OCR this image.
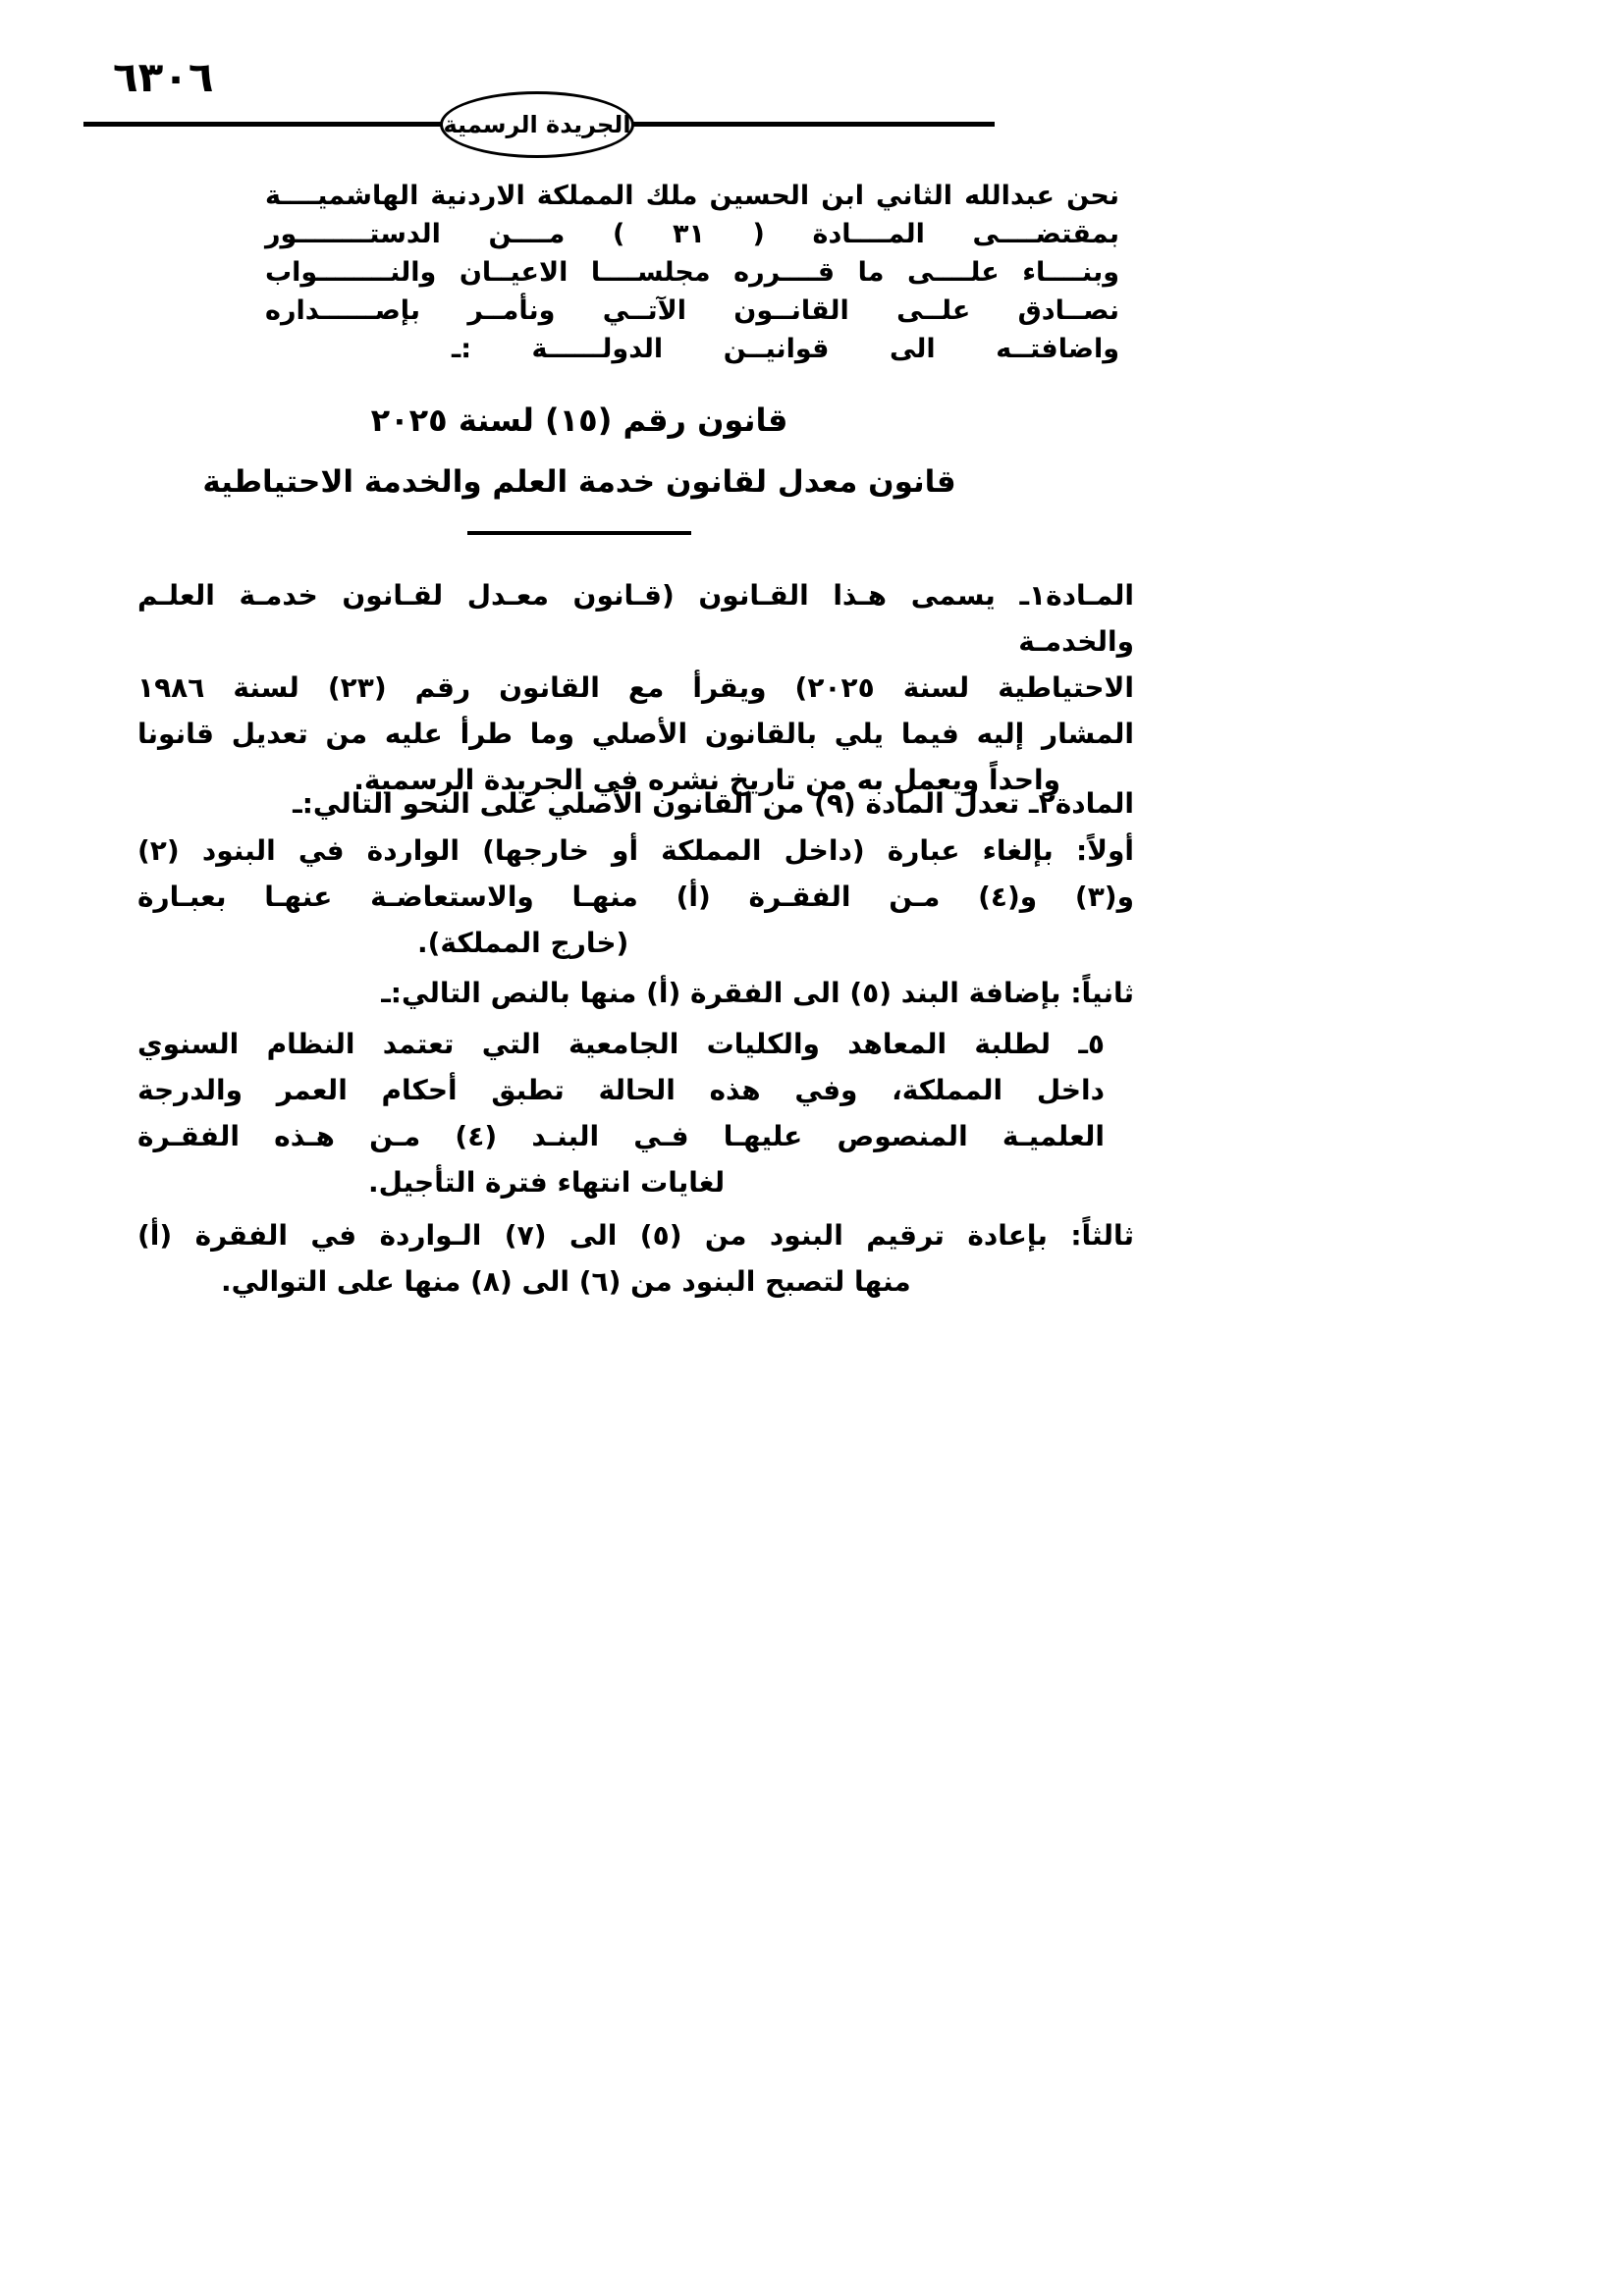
٦٣٠٦
الجريدة الرسمية
نحن عبدالله الثاني ابن الحسين ملك المملكة الاردنية الهاشميــــة
بمقتضــــى المــــادة ( ٣١ ) مــــن الدستــــــــور
وبنــــاء علــــى ما قــــرره مجلســــا الاعيــان والنــــــــواب
نصــادق علــى القانــون الآتــي ونأمــر بإصــــــداره
واضافتــه الى قوانيــن الدولــــــة :ـ
قانون رقم (١٥) لسنة ٢٠٢٥
قانون معدل لقانون خدمة العلم والخدمة الاحتياطية
المـادة١ـ يسمى هـذا القـانون (قـانون معـدل لقـانون خدمـة العلـم والخدمـة
الاحتياطية لسنة ٢٠٢٥) ويقرأ مع القانون رقم (٢٣) لسنة ١٩٨٦
المشار إليه فيما يلي بالقانون الأصلي وما طرأ عليه من تعديل قانونا
واحداً ويعمل به من تاريخ نشره في الجريدة الرسمية.
المادة٢ـ تعدل المادة (٩) من القانون الأصلي على النحو التالي:ـ
أولاً: بإلغاء عبارة (داخل المملكة أو خارجها) الواردة في البنود (٢)
و(٣) و(٤) مـن الفقـرة (أ) منهـا والاستعاضـة عنهـا بعبـارة
(خارج المملكة).
ثانياً: بإضافة البند (٥) الى الفقرة (أ) منها بالنص التالي:ـ
٥ـ لطلبة المعاهد والكليات الجامعية التي تعتمد النظام السنوي
داخل المملكة، وفي هذه الحالة تطبق أحكام العمر والدرجة
العلميـة المنصوص عليهـا فـي البنـد (٤) مـن هـذه الفقـرة
لغايات انتهاء فترة التأجيل.
ثالثاً: بإعادة ترقيم البنود من (٥) الى (٧) الـواردة في الفقرة (أ)
منها لتصبح البنود من (٦) الى (٨) منها على التوالي.
